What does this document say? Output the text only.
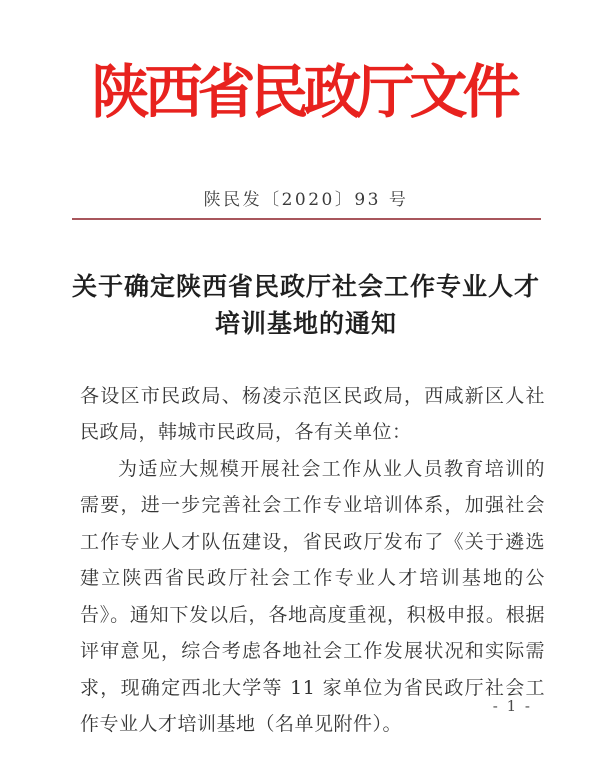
陕西省民政厅文件
陕民发〔2020〕93 号
关于确定陕西省民政厅社会工作专业人才
培训基地的通知

各设区市民政局、杨凌示范区民政局，西咸新区人社民政局，韩城市民政局，各有关单位：

为适应大规模开展社会工作从业人员教育培训的需要，进一步完善社会工作专业培训体系，加强社会工作专业人才队伍建设，省民政厅发布了《关于遴选建立陕西省民政厅社会工作专业人才培训基地的公告》。通知下发以后，各地高度重视，积极申报。根据评审意见，综合考虑各地社会工作发展状况和实际需求，现确定西北大学等 11 家单位为省民政厅社会工作专业人才培训基地（名单见附件）。

- 1 -
